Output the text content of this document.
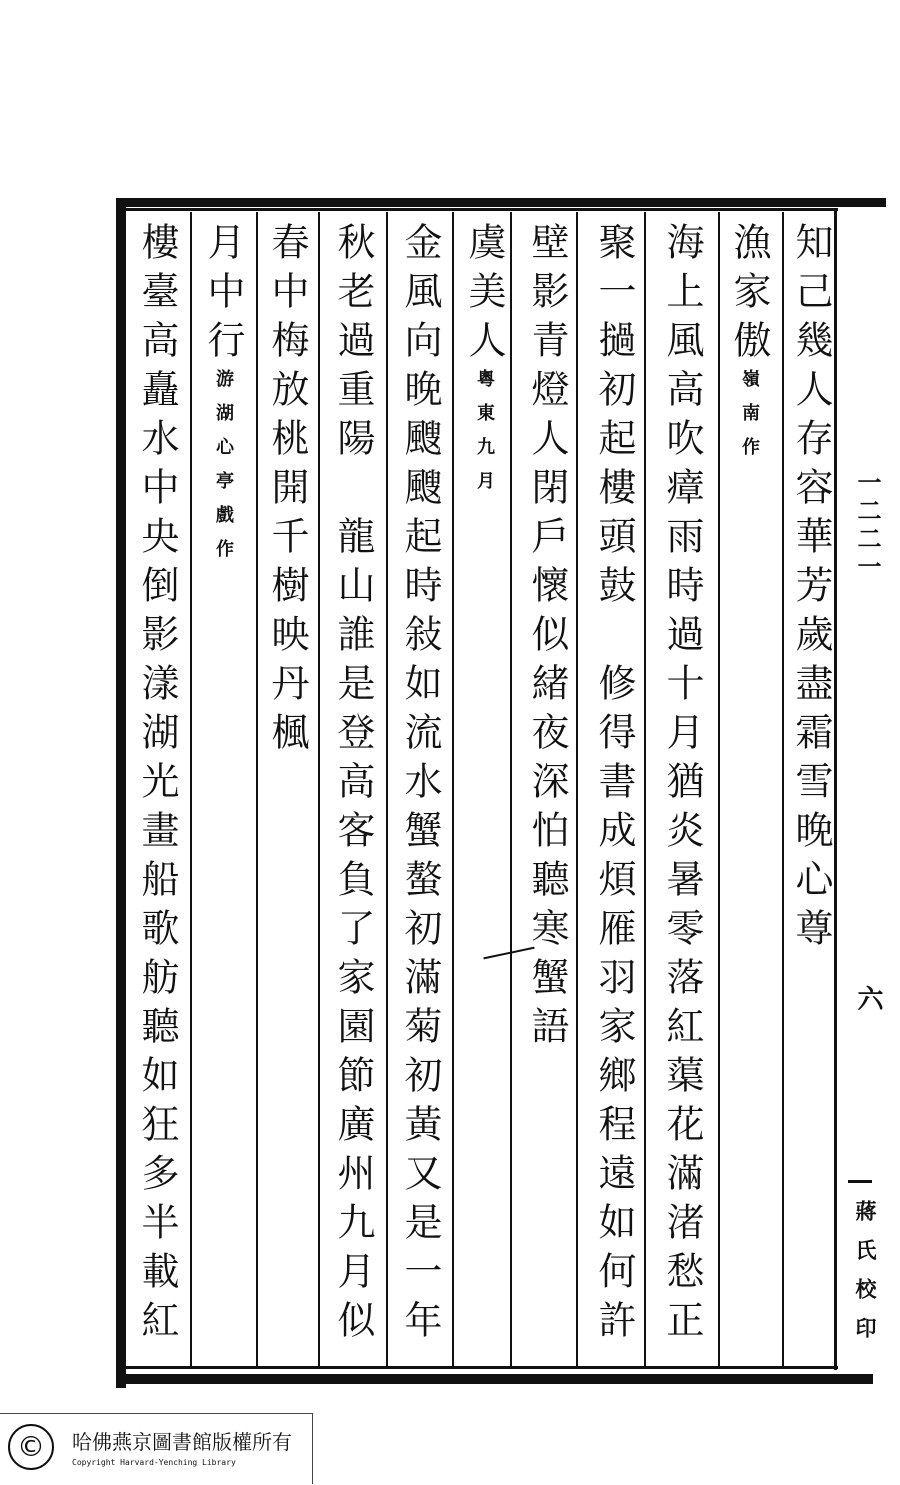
知己幾人存容華芳歲盡霜雪晚心尊
漁家傲嶺南作
海上風高吹瘴雨時過十月猶炎暑零落紅蕖花滿渚愁正
聚一撾初起樓頭鼓　修得書成煩雁羽家鄉程遠如何許
壁影青燈人閉戶懷似緒夜深怕聽寒蟹語
虞美人粵東九月
金風向晚颼颼起時敍如流水蟹螯初滿菊初黃又是一年
秋老過重陽　龍山誰是登高客負了家園節廣州九月似
春中梅放桃開千樹映丹楓
月中行游湖心亭戲作
樓臺高矗水中央倒影漾湖光畫船歌舫聽如狂多半載紅	一二二一
六
蔣氏校印
©	哈佛燕京圖書館版權所有
Copyright Harvard-Yenching Library
